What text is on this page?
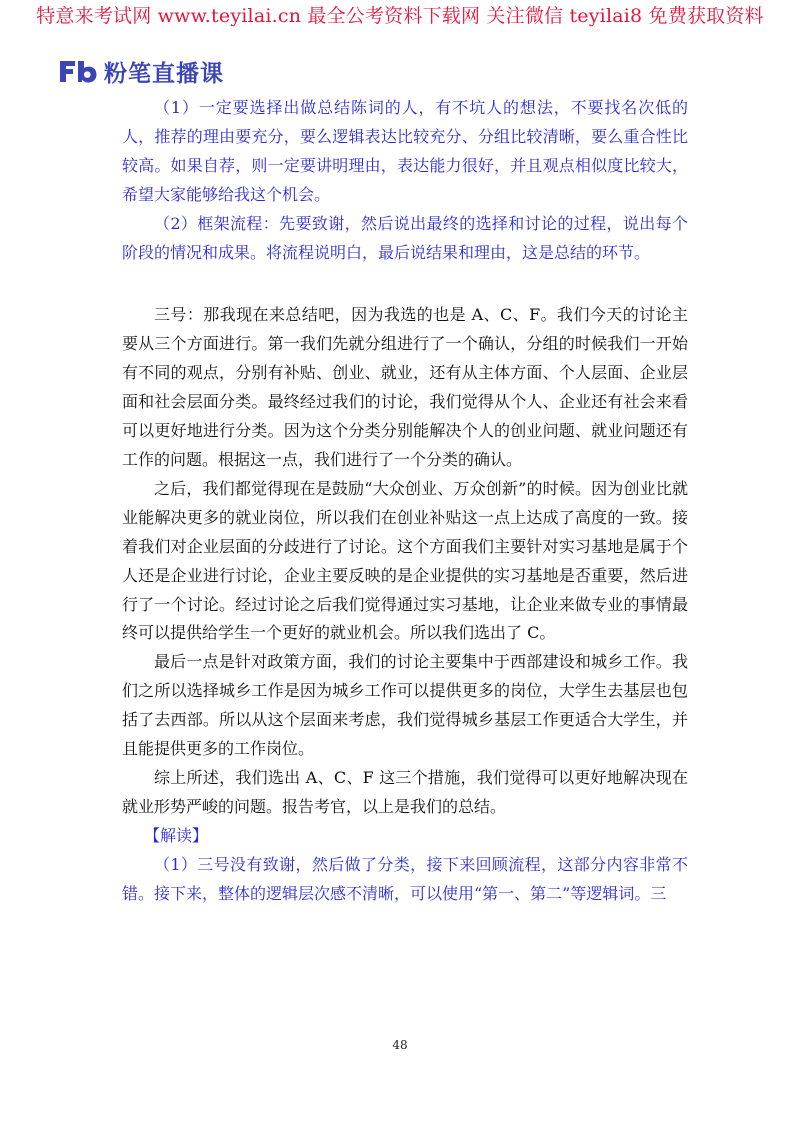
特意来考试网 www.teyilai.cn 最全公考资料下载网 关注微信 teyilai8 免费获取资料
粉笔直播课

（1）一定要选择出做总结陈词的人，有不坑人的想法，不要找名次低的人，推荐的理由要充分，要么逻辑表达比较充分、分组比较清晰，要么重合性比较高。如果自荐，则一定要讲明理由，表达能力很好，并且观点相似度比较大，希望大家能够给我这个机会。

（2）框架流程：先要致谢，然后说出最终的选择和讨论的过程，说出每个阶段的情况和成果。将流程说明白，最后说结果和理由，这是总结的环节。

三号：那我现在来总结吧，因为我选的也是 A、C、F。我们今天的讨论主要从三个方面进行。第一我们先就分组进行了一个确认，分组的时候我们一开始有不同的观点，分别有补贴、创业、就业，还有从主体方面、个人层面、企业层面和社会层面分类。最终经过我们的讨论，我们觉得从个人、企业还有社会来看可以更好地进行分类。因为这个分类分别能解决个人的创业问题、就业问题还有工作的问题。根据这一点，我们进行了一个分类的确认。

之后，我们都觉得现在是鼓励“大众创业、万众创新”的时候。因为创业比就业能解决更多的就业岗位，所以我们在创业补贴这一点上达成了高度的一致。接着我们对企业层面的分歧进行了讨论。这个方面我们主要针对实习基地是属于个人还是企业进行讨论，企业主要反映的是企业提供的实习基地是否重要，然后进行了一个讨论。经过讨论之后我们觉得通过实习基地，让企业来做专业的事情最终可以提供给学生一个更好的就业机会。所以我们选出了 C。

最后一点是针对政策方面，我们的讨论主要集中于西部建设和城乡工作。我们之所以选择城乡工作是因为城乡工作可以提供更多的岗位，大学生去基层也包括了去西部。所以从这个层面来考虑，我们觉得城乡基层工作更适合大学生，并且能提供更多的工作岗位。

综上所述，我们选出 A、C、F 这三个措施，我们觉得可以更好地解决现在就业形势严峻的问题。报告考官，以上是我们的总结。

【解读】

（1）三号没有致谢，然后做了分类，接下来回顾流程，这部分内容非常不错。接下来，整体的逻辑层次感不清晰，可以使用“第一、第二”等逻辑词。三

48
